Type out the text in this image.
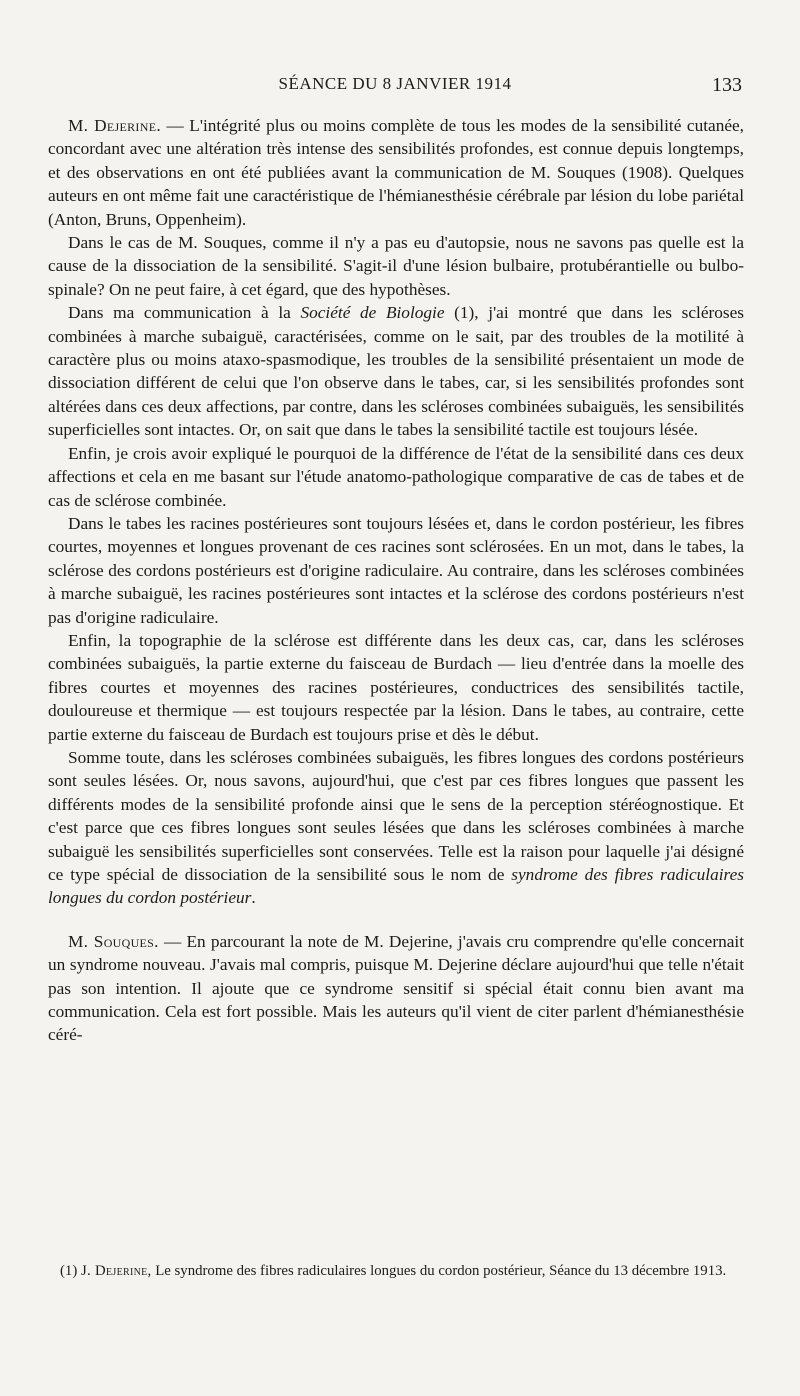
SÉANCE DU 8 JANVIER 1914	133

M. Dejerine. — L'intégrité plus ou moins complète de tous les modes de la sensibilité cutanée, concordant avec une altération très intense des sensibilités profondes, est connue depuis longtemps, et des observations en ont été publiées avant la communication de M. Souques (1908). Quelques auteurs en ont même fait une caractéristique de l'hémianesthésie cérébrale par lésion du lobe pariétal (Anton, Bruns, Oppenheim).

Dans le cas de M. Souques, comme il n'y a pas eu d'autopsie, nous ne savons pas quelle est la cause de la dissociation de la sensibilité. S'agit-il d'une lésion bulbaire, protubérantielle ou bulbo-spinale? On ne peut faire, à cet égard, que des hypothèses.

Dans ma communication à la Société de Biologie (1), j'ai montré que dans les scléroses combinées à marche subaiguë, caractérisées, comme on le sait, par des troubles de la motilité à caractère plus ou moins ataxo-spasmodique, les troubles de la sensibilité présentaient un mode de dissociation différent de celui que l'on observe dans le tabes, car, si les sensibilités profondes sont altérées dans ces deux affections, par contre, dans les scléroses combinées subaiguës, les sensibilités superficielles sont intactes. Or, on sait que dans le tabes la sensibilité tactile est toujours lésée.

Enfin, je crois avoir expliqué le pourquoi de la différence de l'état de la sensibilité dans ces deux affections et cela en me basant sur l'étude anatomo-pathologique comparative de cas de tabes et de cas de sclérose combinée.

Dans le tabes les racines postérieures sont toujours lésées et, dans le cordon postérieur, les fibres courtes, moyennes et longues provenant de ces racines sont sclérosées. En un mot, dans le tabes, la sclérose des cordons postérieurs est d'origine radiculaire. Au contraire, dans les scléroses combinées à marche subaiguë, les racines postérieures sont intactes et la sclérose des cordons postérieurs n'est pas d'origine radiculaire.

Enfin, la topographie de la sclérose est différente dans les deux cas, car, dans les scléroses combinées subaiguës, la partie externe du faisceau de Burdach — lieu d'entrée dans la moelle des fibres courtes et moyennes des racines postérieures, conductrices des sensibilités tactile, douloureuse et thermique — est toujours respectée par la lésion. Dans le tabes, au contraire, cette partie externe du faisceau de Burdach est toujours prise et dès le début.

Somme toute, dans les scléroses combinées subaiguës, les fibres longues des cordons postérieurs sont seules lésées. Or, nous savons, aujourd'hui, que c'est par ces fibres longues que passent les différents modes de la sensibilité profonde ainsi que le sens de la perception stéréognostique. Et c'est parce que ces fibres longues sont seules lésées que dans les scléroses combinées à marche subaiguë les sensibilités superficielles sont conservées. Telle est la raison pour laquelle j'ai désigné ce type spécial de dissociation de la sensibilité sous le nom de syndrome des fibres radiculaires longues du cordon postérieur.

M. Souques. — En parcourant la note de M. Dejerine, j'avais cru comprendre qu'elle concernait un syndrome nouveau. J'avais mal compris, puisque M. Dejerine déclare aujourd'hui que telle n'était pas son intention. Il ajoute que ce syndrome sensitif si spécial était connu bien avant ma communication. Cela est fort possible. Mais les auteurs qu'il vient de citer parlent d'hémianesthésie céré-

(1) J. Dejerine, Le syndrome des fibres radiculaires longues du cordon postérieur, Séance du 13 décembre 1913.
